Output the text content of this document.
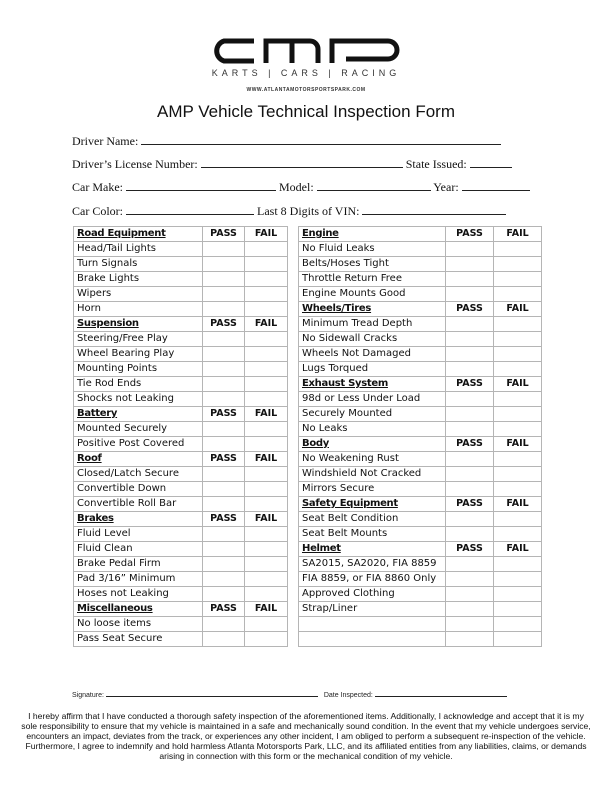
KARTS | CARS | RACING
WWW.ATLANTAMOTORSPORTSPARK.COM
AMP Vehicle Technical Inspection Form
Driver Name:
Driver’s License Number:	State Issued:
Car Make:	Model:	Year:
Car Color:	Last 8 Digits of VIN:
Road Equipment	PASS	FAIL
Head/Tail Lights		
Turn Signals		
Brake Lights		
Wipers		
Horn		
Suspension	PASS	FAIL
Steering/Free Play		
Wheel Bearing Play		
Mounting Points		
Tie Rod Ends		
Shocks not Leaking		
Battery	PASS	FAIL
Mounted Securely		
Positive Post Covered		
Roof	PASS	FAIL
Closed/Latch Secure		
Convertible Down		
Convertible Roll Bar		
Brakes	PASS	FAIL
Fluid Level		
Fluid Clean		
Brake Pedal Firm		
Pad 3/16” Minimum		
Hoses not Leaking		
Miscellaneous	PASS	FAIL
No loose items		
Pass Seat Secure		
Engine	PASS	FAIL
No Fluid Leaks		
Belts/Hoses Tight		
Throttle Return Free		
Engine Mounts Good		
Wheels/Tires	PASS	FAIL
Minimum Tread Depth		
No Sidewall Cracks		
Wheels Not Damaged		
Lugs Torqued		
Exhaust System	PASS	FAIL
98d or Less Under Load		
Securely Mounted		
No Leaks		
Body	PASS	FAIL
No Weakening Rust		
Windshield Not Cracked		
Mirrors Secure		
Safety Equipment	PASS	FAIL
Seat Belt Condition		
Seat Belt Mounts		
Helmet	PASS	FAIL
SA2015, SA2020, FIA 8859		
FIA 8859, or FIA 8860 Only		
Approved Clothing		
Strap/Liner		

Signature:	Date Inspected:
I hereby affirm that I have conducted a thorough safety inspection of the aforementioned items. Additionally, I acknowledge and accept that it is my sole responsibility to ensure that my vehicle is maintained in a safe and mechanically sound condition. In the event that my vehicle undergoes service, encounters an impact, deviates from the track, or experiences any other incident, I am obliged to perform a subsequent re-inspection of the vehicle. Furthermore, I agree to indemnify and hold harmless Atlanta Motorsports Park, LLC, and its affiliated entities from any liabilities, claims, or demands arising in connection with this form or the mechanical condition of my vehicle.
